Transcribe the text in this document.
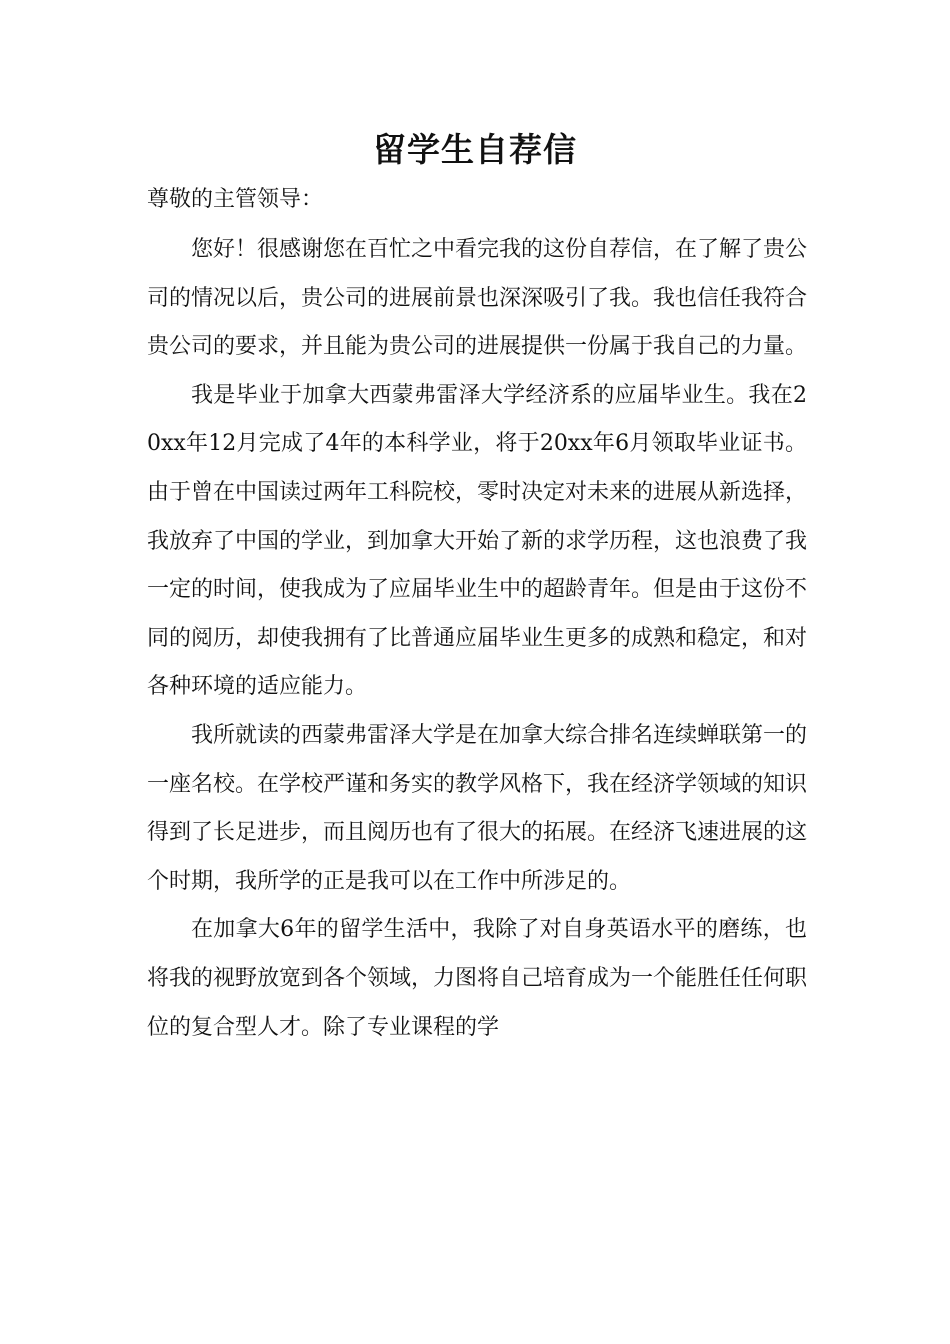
留学生自荐信
尊敬的主管领导：

您好！很感谢您在百忙之中看完我的这份自荐信，在了解了贵公司的情况以后，贵公司的进展前景也深深吸引了我。我也信任我符合贵公司的要求，并且能为贵公司的进展提供一份属于我自己的力量。

我是毕业于加拿大西蒙弗雷泽大学经济系的应届毕业生。我在20xx年12月完成了4年的本科学业，将于20xx年6月领取毕业证书。由于曾在中国读过两年工科院校，零时决定对未来的进展从新选择，我放弃了中国的学业，到加拿大开始了新的求学历程，这也浪费了我一定的时间，使我成为了应届毕业生中的超龄青年。但是由于这份不同的阅历，却使我拥有了比普通应届毕业生更多的成熟和稳定，和对各种环境的适应能力。

我所就读的西蒙弗雷泽大学是在加拿大综合排名连续蝉联第一的一座名校。在学校严谨和务实的教学风格下，我在经济学领域的知识得到了长足进步，而且阅历也有了很大的拓展。在经济飞速进展的这个时期，我所学的正是我可以在工作中所涉足的。

在加拿大6年的留学生活中，我除了对自身英语水平的磨练，也将我的视野放宽到各个领域，力图将自己培育成为一个能胜任任何职位的复合型人才。除了专业课程的学
